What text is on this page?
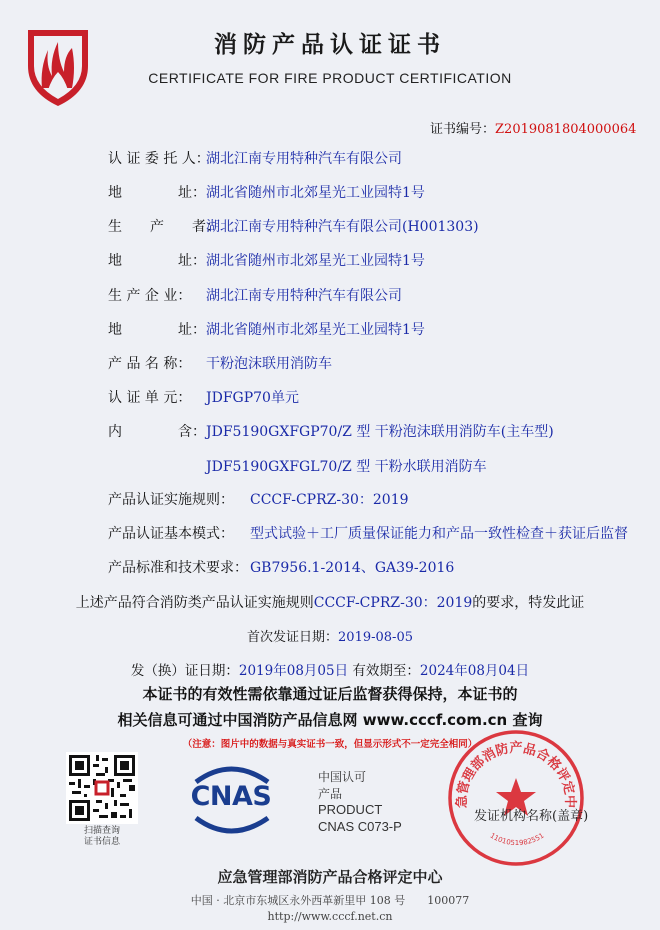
消防产品认证证书
CERTIFICATE FOR FIRE PRODUCT CERTIFICATION
证书编号：Z2019081804000064
认 证 委 托 人：
湖北江南专用特种汽车有限公司
地　　　　址： 湖北省随州市北郊星光工业园特1号
生　　产　　者：
湖北江南专用特种汽车有限公司(H001303)
地　　　　址： 湖北省随州市北郊星光工业园特1号
生 产 企 业： 湖北江南专用特种汽车有限公司
地　　　　址： 湖北省随州市北郊星光工业园特1号
产 品 名 称： 干粉泡沫联用消防车
认 证 单 元： JDFGP70单元
内　　　　含： JDF5190GXFGP70/Z 型 干粉泡沫联用消防车(主车型)
JDF5190GXFGL70/Z 型 干粉水联用消防车
产品认证实施规则： CCCF-CPRZ-30：2019
产品认证基本模式： 型式试验＋工厂质量保证能力和产品一致性检查＋获证后监督
产品标准和技术要求： GB7956.1-2014、GA39-2016
上述产品符合消防类产品认证实施规则CCCF-CPRZ-30：2019的要求，特发此证
首次发证日期：2019-08-05
发（换）证日期：2019年08月05日 有效期至：2024年08月04日
本证书的有效性需依靠通过证后监督获得保持，本证书的
相关信息可通过中国消防产品信息网 www.cccf.com.cn 查询
（注意：图片中的数据与真实证书一致，但显示形式不一定完全相同）
扫描查询
证书信息
CNAS
中国认可
产品
PRODUCT
CNAS C073-P
急管理部消防产品合格评定中
1101051982551
发证机构名称(盖章)
应急管理部消防产品合格评定中心
中国 · 北京市东城区永外西革新里甲 108 号　　100077
http://www.cccf.net.cn
